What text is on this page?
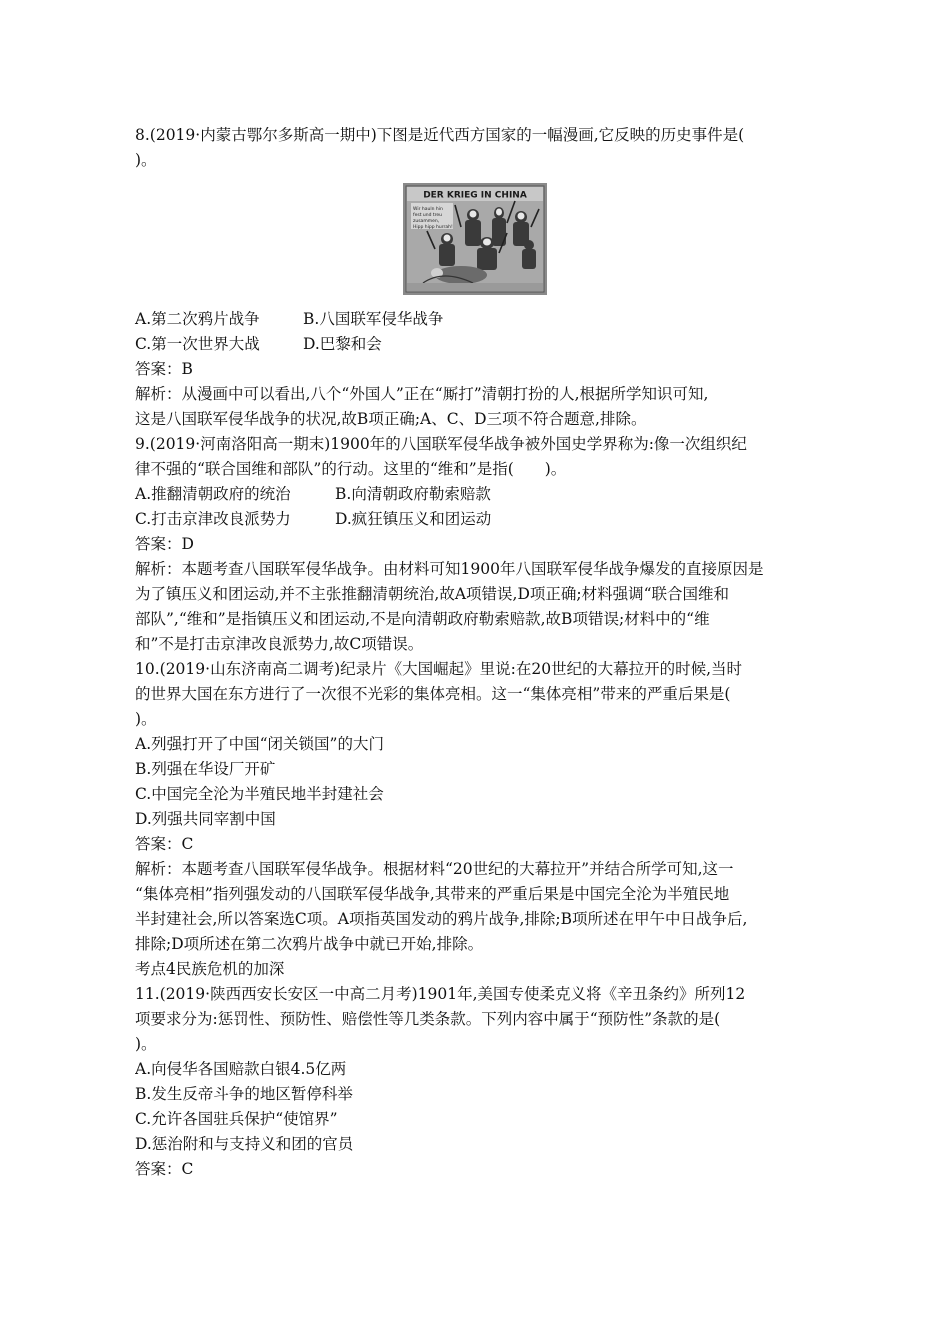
8.(2019·内蒙古鄂尔多斯高一期中)下图是近代西方国家的一幅漫画,它反映的历史事件是(
)。
DER KRIEG IN CHINA
Wir hauln hin
fest und treu
zusammen,
Hipp hipp hurrah!
A.第二次鸦片战争	B.八国联军侵华战争
C.第一次世界大战	D.巴黎和会
答案：B
解析：从漫画中可以看出,八个“外国人”正在“厮打”清朝打扮的人,根据所学知识可知,
这是八国联军侵华战争的状况,故B项正确;A、C、D三项不符合题意,排除。
9.(2019·河南洛阳高一期末)1900年的八国联军侵华战争被外国史学界称为:像一次组织纪
律不强的“联合国维和部队”的行动。这里的“维和”是指(　　)。
A.推翻清朝政府的统治	B.向清朝政府勒索赔款
C.打击京津改良派势力	D.疯狂镇压义和团运动
答案：D
解析：本题考查八国联军侵华战争。由材料可知1900年八国联军侵华战争爆发的直接原因是
为了镇压义和团运动,并不主张推翻清朝统治,故A项错误,D项正确;材料强调“联合国维和
部队”,“维和”是指镇压义和团运动,不是向清朝政府勒索赔款,故B项错误;材料中的“维
和”不是打击京津改良派势力,故C项错误。
10.(2019·山东济南高二调考)纪录片《大国崛起》里说:在20世纪的大幕拉开的时候,当时
的世界大国在东方进行了一次很不光彩的集体亮相。这一“集体亮相”带来的严重后果是(
)。
A.列强打开了中国“闭关锁国”的大门
B.列强在华设厂开矿
C.中国完全沦为半殖民地半封建社会
D.列强共同宰割中国
答案：C
解析：本题考查八国联军侵华战争。根据材料“20世纪的大幕拉开”并结合所学可知,这一
“集体亮相”指列强发动的八国联军侵华战争,其带来的严重后果是中国完全沦为半殖民地
半封建社会,所以答案选C项。A项指英国发动的鸦片战争,排除;B项所述在甲午中日战争后,
排除;D项所述在第二次鸦片战争中就已开始,排除。
考点4民族危机的加深
11.(2019·陕西西安长安区一中高二月考)1901年,美国专使柔克义将《辛丑条约》所列12
项要求分为:惩罚性、预防性、赔偿性等几类条款。下列内容中属于“预防性”条款的是(
)。
A.向侵华各国赔款白银4.5亿两
B.发生反帝斗争的地区暂停科举
C.允许各国驻兵保护“使馆界”
D.惩治附和与支持义和团的官员
答案：C
